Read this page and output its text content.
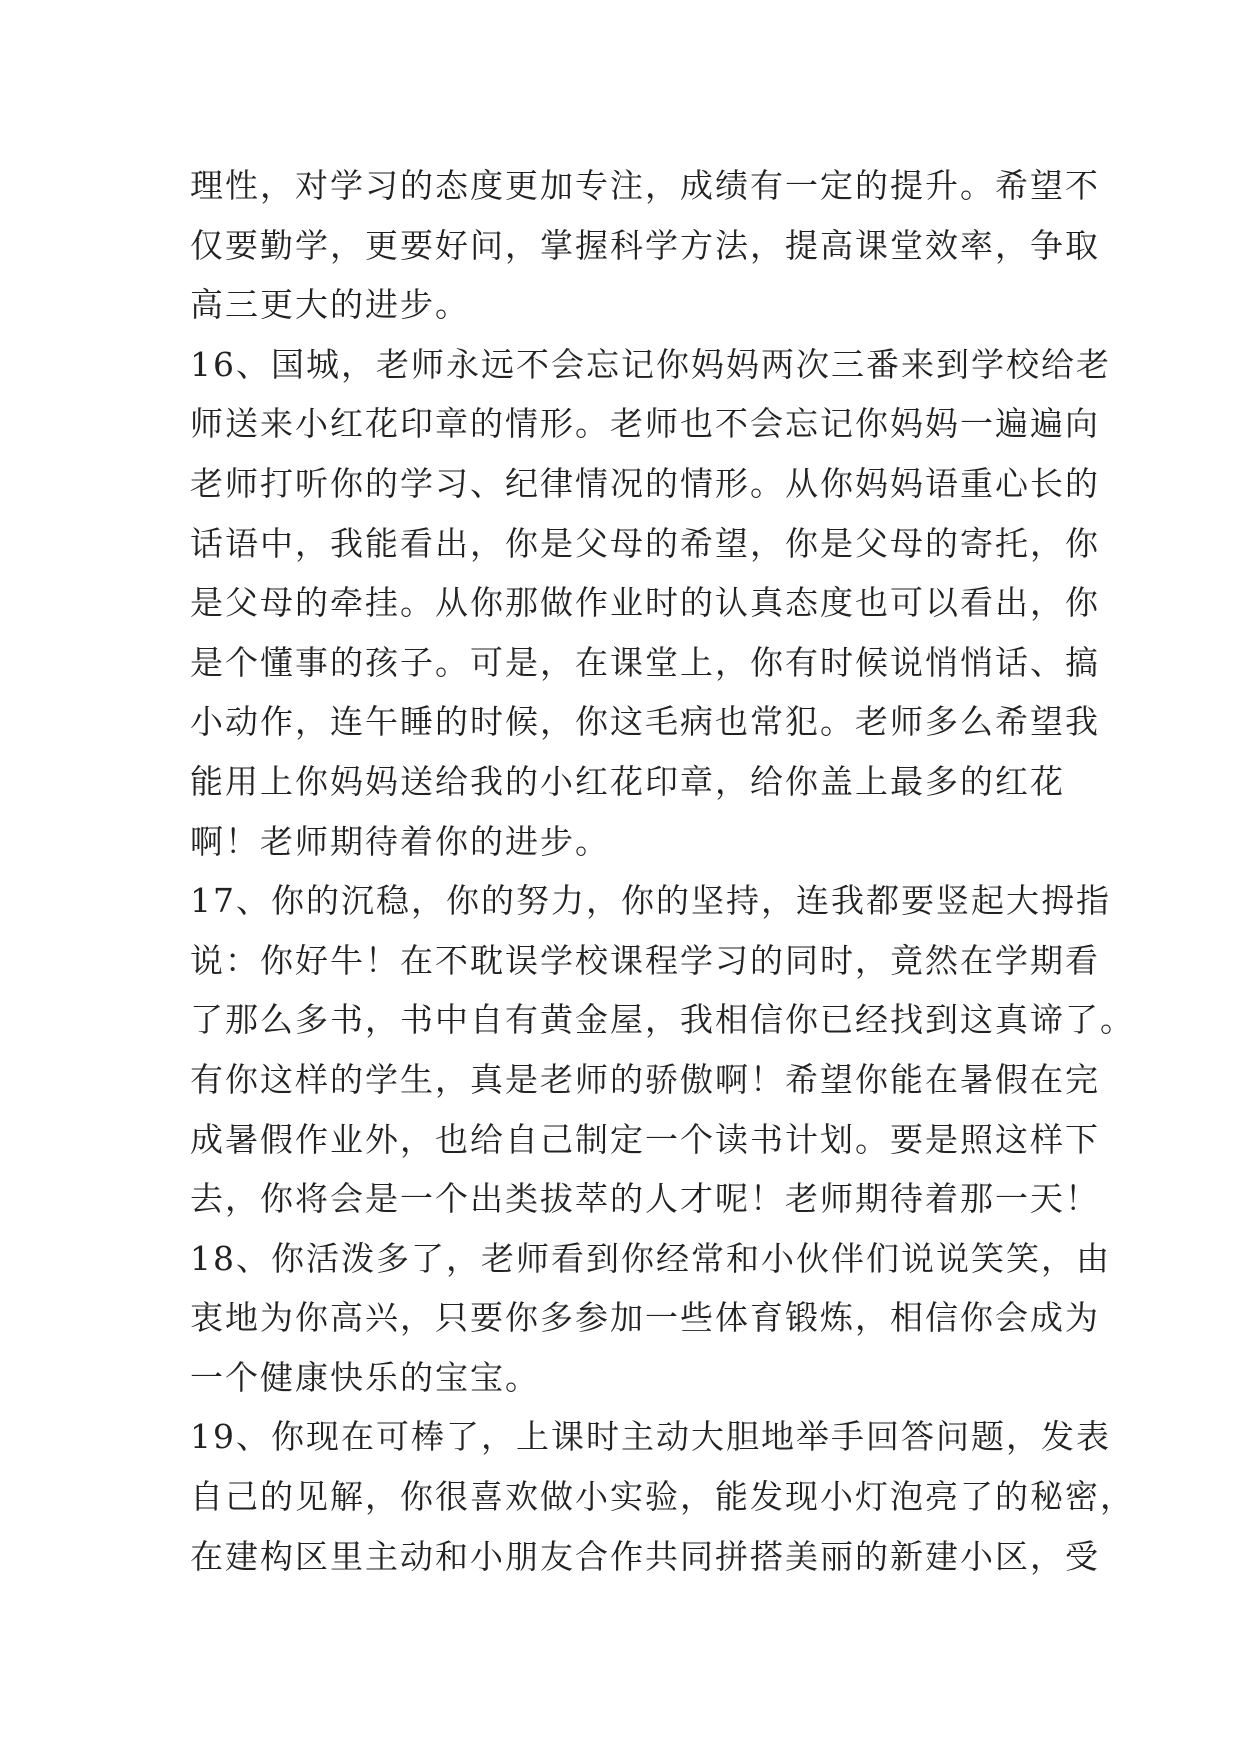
理性，对学习的态度更加专注，成绩有一定的提升。希望不
仅要勤学，更要好问，掌握科学方法，提高课堂效率，争取
高三更大的进步。
16、国城，老师永远不会忘记你妈妈两次三番来到学校给老
师送来小红花印章的情形。老师也不会忘记你妈妈一遍遍向
老师打听你的学习、纪律情况的情形。从你妈妈语重心长的
话语中，我能看出，你是父母的希望，你是父母的寄托，你
是父母的牵挂。从你那做作业时的认真态度也可以看出，你
是个懂事的孩子。可是，在课堂上，你有时候说悄悄话、搞
小动作，连午睡的时候，你这毛病也常犯。老师多么希望我
能用上你妈妈送给我的小红花印章，给你盖上最多的红花
啊！老师期待着你的进步。
17、你的沉稳，你的努力，你的坚持，连我都要竖起大拇指
说：你好牛！在不耽误学校课程学习的同时，竟然在学期看
了那么多书，书中自有黄金屋，我相信你已经找到这真谛了。
有你这样的学生，真是老师的骄傲啊！希望你能在暑假在完
成暑假作业外，也给自己制定一个读书计划。要是照这样下
去，你将会是一个出类拔萃的人才呢！老师期待着那一天！
18、你活泼多了，老师看到你经常和小伙伴们说说笑笑，由
衷地为你高兴，只要你多参加一些体育锻炼，相信你会成为
一个健康快乐的宝宝。
19、你现在可棒了，上课时主动大胆地举手回答问题，发表
自己的见解，你很喜欢做小实验，能发现小灯泡亮了的秘密，
在建构区里主动和小朋友合作共同拼搭美丽的新建小区，受
